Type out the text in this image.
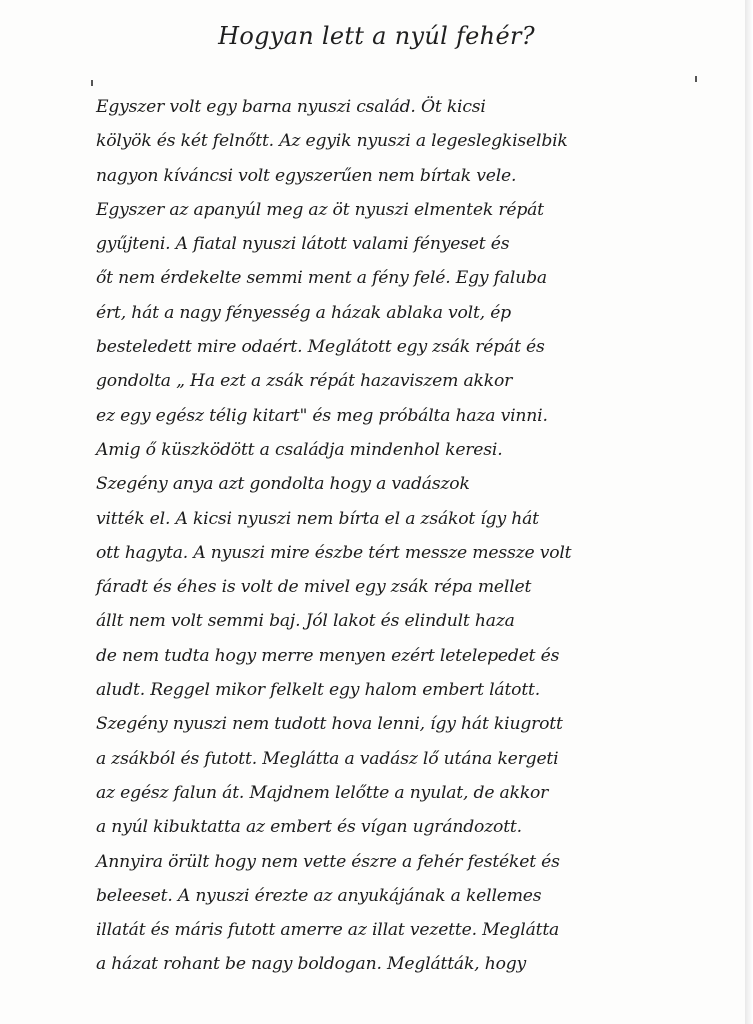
Hogyan lett a nyúl fehér?
Egyszer volt egy barna nyuszi család. Öt kicsi
kölyök és két felnőtt. Az egyik nyuszi a legeslegkiselbik
nagyon kíváncsi volt egyszerűen nem bírtak vele.
Egyszer az apanyúl meg az öt nyuszi elmentek répát
gyűjteni. A fiatal nyuszi látott valami fényeset és
őt nem érdekelte semmi ment a fény felé. Egy faluba
ért, hát a nagy fényesség a házak ablaka volt, ép
besteledett mire odaért. Meglátott egy zsák répát és
gondolta „ Ha ezt a zsák répát hazaviszem akkor
ez egy egész télig kitart" és meg próbálta haza vinni.
Amig ő küszködött a családja mindenhol keresi.
Szegény anya azt gondolta hogy a vadászok
vitték el. A kicsi nyuszi nem bírta el a zsákot így hát
ott hagyta. A nyuszi mire észbe tért messze messze volt
fáradt és éhes is volt de mivel egy zsák répa mellet
állt nem volt semmi baj. Jól lakot és elindult haza
de nem tudta hogy merre menyen ezért letelepedet és
aludt. Reggel mikor felkelt egy halom embert látott.
Szegény nyuszi nem tudott hova lenni, így hát kiugrott
a zsákból és futott. Meglátta a vadász lő utána kergeti
az egész falun át. Majdnem lelőtte a nyulat, de akkor
a nyúl kibuktatta az embert és vígan ugrándozott.
Annyira örült hogy nem vette észre a fehér festéket és
beleeset. A nyuszi érezte az anyukájának a kellemes
illatát és máris futott amerre az illat vezette. Meglátta
a házat rohant be nagy boldogan. Meglátták, hogy
